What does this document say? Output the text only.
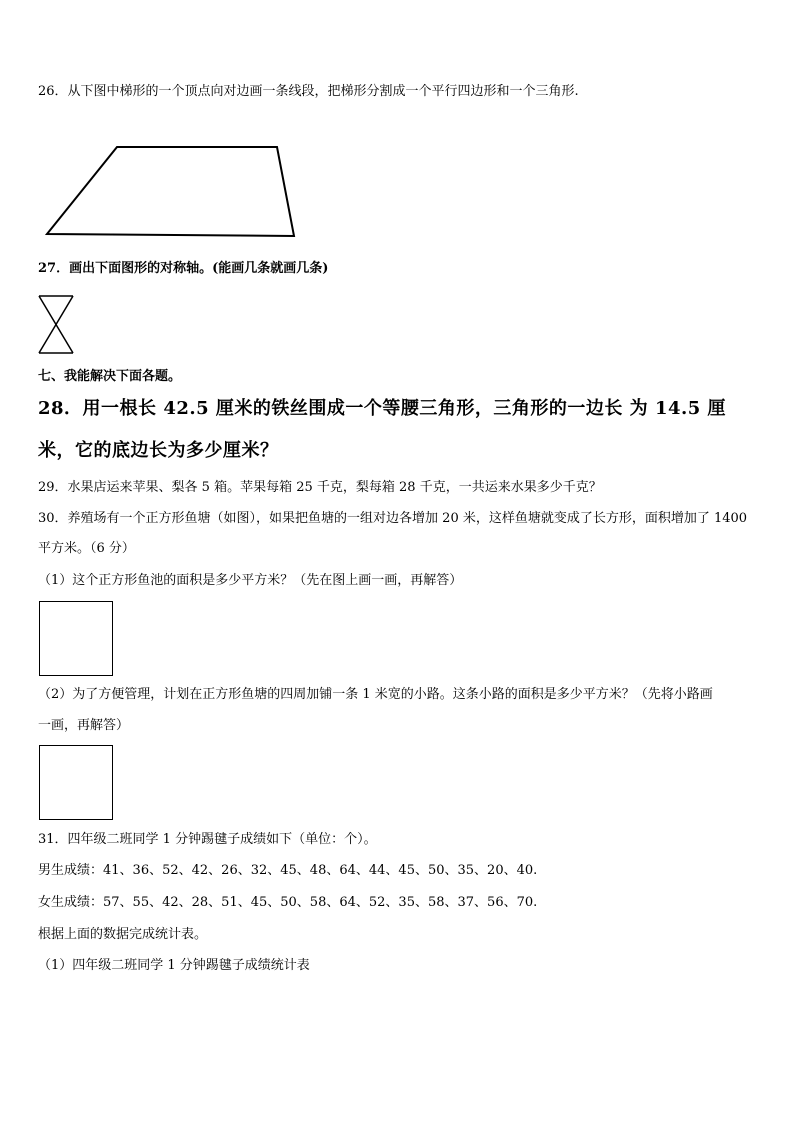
26．从下图中梯形的一个顶点向对边画一条线段，把梯形分割成一个平行四边形和一个三角形.
27．画出下面图形的对称轴。(能画几条就画几条)
七、我能解决下面各题。
28．用一根长 42.5 厘米的铁丝围成一个等腰三角形，三角形的一边长 为 14.5 厘
米，它的底边长为多少厘米？
29．水果店运来苹果、梨各 5 箱。苹果每箱 25 千克，梨每箱 28 千克，一共运来水果多少千克？
30．养殖场有一个正方形鱼塘（如图），如果把鱼塘的一组对边各增加 20 米，这样鱼塘就变成了长方形，面积增加了 1400
平方米。（6 分）
（1）这个正方形鱼池的面积是多少平方米？（先在图上画一画，再解答）
（2）为了方便管理，计划在正方形鱼塘的四周加铺一条 1 米宽的小路。这条小路的面积是多少平方米？（先将小路画
一画，再解答）
31．四年级二班同学 1 分钟踢毽子成绩如下（单位：个）。
男生成绩：41、36、52、42、26、32、45、48、64、44、45、50、35、20、40.
女生成绩：57、55、42、28、51、45、50、58、64、52、35、58、37、56、70.
根据上面的数据完成统计表。
（1）四年级二班同学 1 分钟踢毽子成绩统计表
